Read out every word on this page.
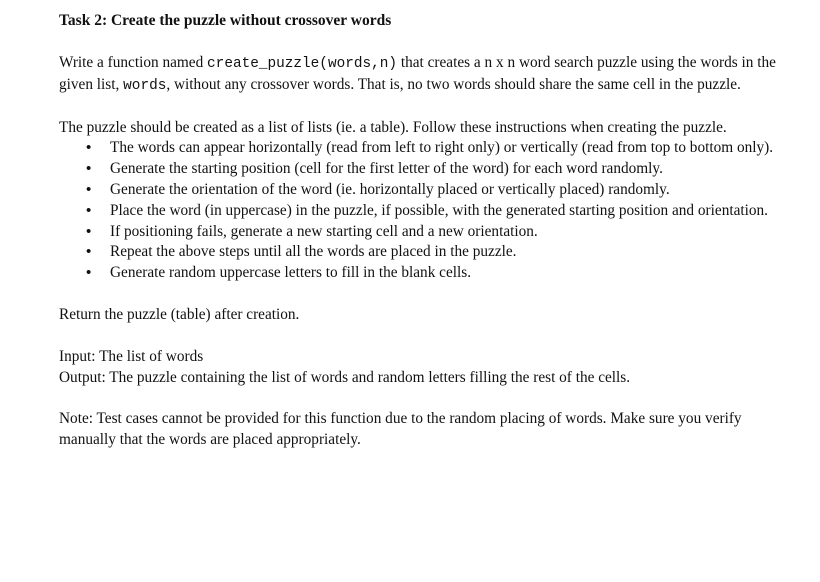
Task 2: Create the puzzle without crossover words

Write a function named create_puzzle(words,n) that creates a n x n word search puzzle using the words in the given list, words, without any crossover words. That is, no two words should share the same cell in the puzzle.

The puzzle should be created as a list of lists (ie. a table). Follow these instructions when creating the puzzle.

• The words can appear horizontally (read from left to right only) or vertically (read from top to bottom only).
• Generate the starting position (cell for the first letter of the word) for each word randomly.
• Generate the orientation of the word (ie. horizontally placed or vertically placed) randomly.
• Place the word (in uppercase) in the puzzle, if possible, with the generated starting position and orientation.
• If positioning fails, generate a new starting cell and a new orientation.
• Repeat the above steps until all the words are placed in the puzzle.
• Generate random uppercase letters to fill in the blank cells.

Return the puzzle (table) after creation.

Input: The list of words

Output: The puzzle containing the list of words and random letters filling the rest of the cells.

Note: Test cases cannot be provided for this function due to the random placing of words. Make sure you verify manually that the words are placed appropriately.
